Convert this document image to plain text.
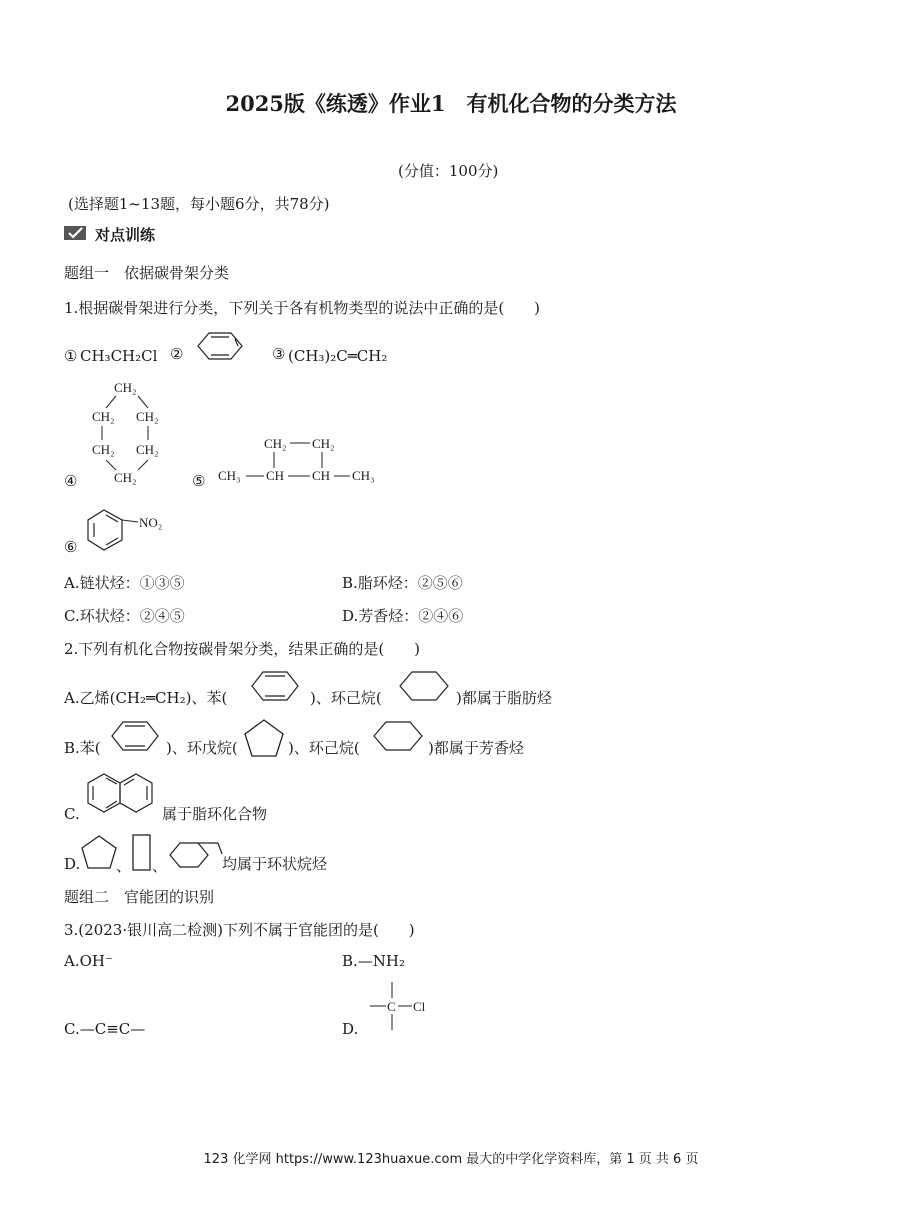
2025版《练透》作业1　有机化合物的分类方法
(分值：100分)
(选择题1~13题，每小题6分，共78分)
对点训练
题组一　依据碳骨架分类
1.根据碳骨架进行分类，下列关于各有机物类型的说法中正确的是(　　)
① CH₃CH₂Cl ②	③ (CH₃)₂C═CH₂
CH₂
CH₂ CH₂
CH₂ CH₂
CH₂
④	⑤
CH₂ CH₂
CH₃ CH CH CH₃
⑥
NO₂
A.链状烃：①③⑤	B.脂环烃：②⑤⑥
C.环状烃：②④⑤	D.芳香烃：②④⑥
2.下列有机化合物按碳骨架分类，结果正确的是(　　)
A.乙烯(CH₂═CH₂)、苯(	)、环己烷(	)都属于脂肪烃
B.苯(	)、环戊烷(	)、环己烷(	)都属于芳香烃
C.	属于脂环化合物
D. 、 、	均属于环状烷烃
题组二　官能团的识别
3.(2023·银川高二检测)下列不属于官能团的是(　　)
A.OH⁻	B.—NH₂
C.—C≡C—	D.
C Cl
123 化学网 https://www.123huaxue.com 最大的中学化学资料库，第 1 页 共 6 页
